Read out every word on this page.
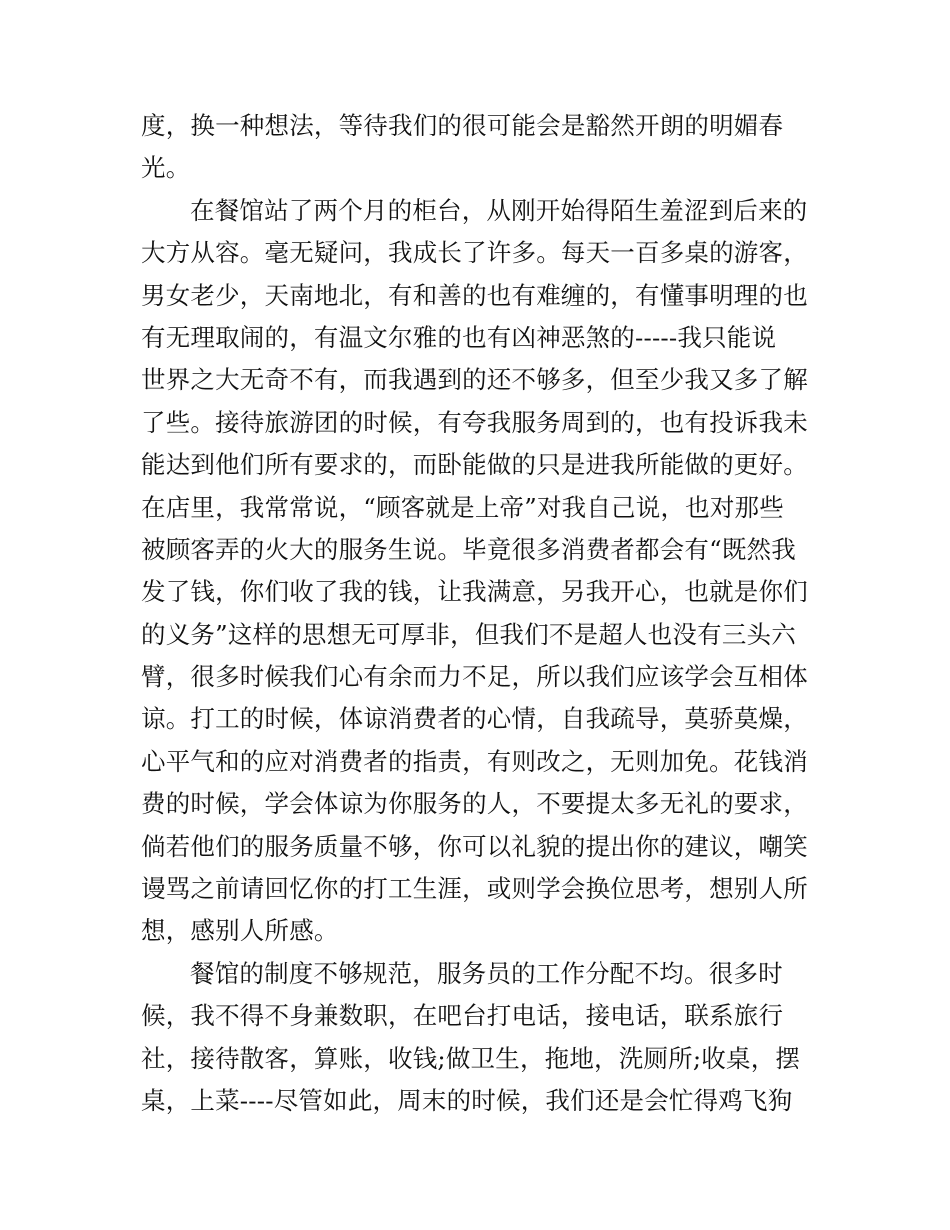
度，换一种想法，等待我们的很可能会是豁然开朗的明媚春
光。
在餐馆站了两个月的柜台，从刚开始得陌生羞涩到后来的
大方从容。毫无疑问，我成长了许多。每天一百多桌的游客，
男女老少，天南地北，有和善的也有难缠的，有懂事明理的也
有无理取闹的，有温文尔雅的也有凶神恶煞的-----我只能说
世界之大无奇不有，而我遇到的还不够多，但至少我又多了解
了些。接待旅游团的时候，有夸我服务周到的，也有投诉我未
能达到他们所有要求的，而卧能做的只是进我所能做的更好。
在店里，我常常说，“顾客就是上帝”对我自己说，也对那些
被顾客弄的火大的服务生说。毕竟很多消费者都会有“既然我
发了钱，你们收了我的钱，让我满意，另我开心，也就是你们
的义务”这样的思想无可厚非，但我们不是超人也没有三头六
臂，很多时候我们心有余而力不足，所以我们应该学会互相体
谅。打工的时候，体谅消费者的心情，自我疏导，莫骄莫燥，
心平气和的应对消费者的指责，有则改之，无则加免。花钱消
费的时候，学会体谅为你服务的人，不要提太多无礼的要求，
倘若他们的服务质量不够，你可以礼貌的提出你的建议，嘲笑
谩骂之前请回忆你的打工生涯，或则学会换位思考，想别人所
想，感别人所感。
餐馆的制度不够规范，服务员的工作分配不均。很多时
候，我不得不身兼数职，在吧台打电话，接电话，联系旅行
社，接待散客，算账，收钱;做卫生，拖地，洗厕所;收桌，摆
桌，上菜----尽管如此，周末的时候，我们还是会忙得鸡飞狗
